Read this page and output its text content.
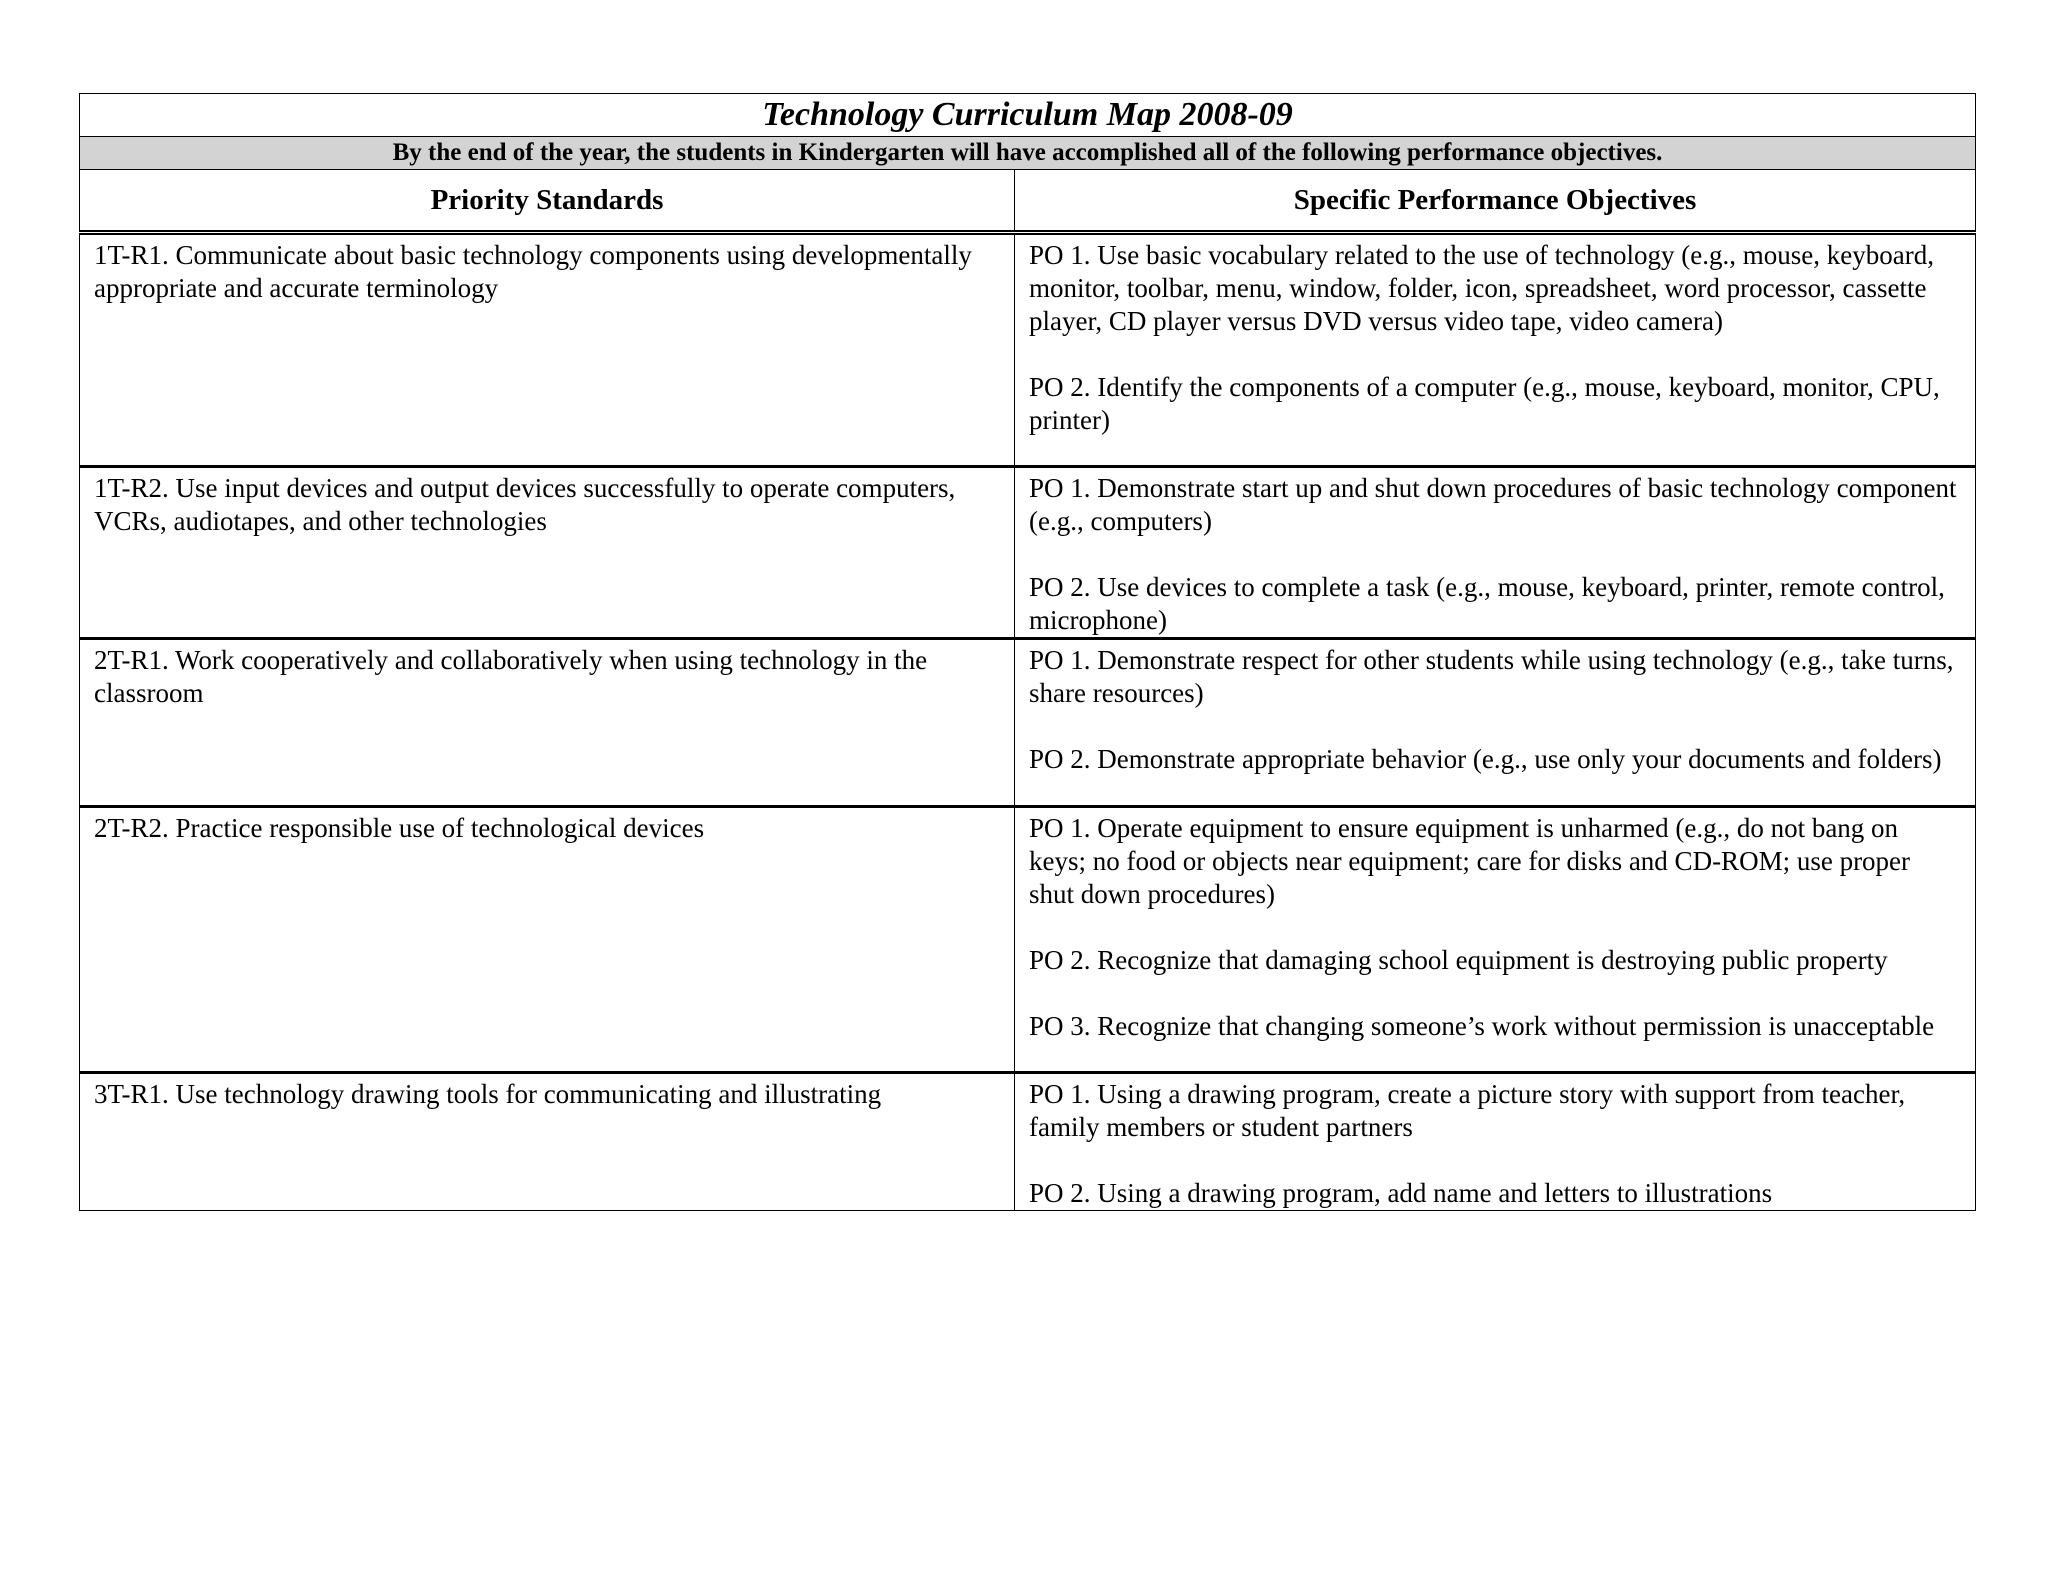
Technology Curriculum Map 2008-09	
By the end of the year, the students in Kindergarten will have accomplished all of the following performance objectives.	
Priority Standards	Specific Performance Objectives
1T-R1. Communicate about basic technology components using developmentally appropriate and accurate terminology	PO 1. Use basic vocabulary related to the use of technology (e.g., mouse, keyboard, monitor, toolbar, menu, window, folder, icon, spreadsheet, word processor, cassette player, CD player versus DVD versus video tape, video camera)

PO 2. Identify the components of a computer (e.g., mouse, keyboard, monitor, CPU, printer)

1T-R2. Use input devices and output devices successfully to operate computers, VCRs, audiotapes, and other technologies	PO 1. Demonstrate start up and shut down procedures of basic technology component (e.g., computers)

PO 2. Use devices to complete a task (e.g., mouse, keyboard, printer, remote control, microphone)

2T-R1. Work cooperatively and collaboratively when using technology in the classroom	PO 1. Demonstrate respect for other students while using technology (e.g., take turns, share resources)

PO 2. Demonstrate appropriate behavior (e.g., use only your documents and folders)

2T-R2. Practice responsible use of technological devices	PO 1. Operate equipment to ensure equipment is unharmed (e.g., do not bang on keys; no food or objects near equipment; care for disks and CD-ROM; use proper shut down procedures)

PO 2. Recognize that damaging school equipment is destroying public property

PO 3. Recognize that changing someone’s work without permission is unacceptable

3T-R1. Use technology drawing tools for communicating and illustrating	PO 1. Using a drawing program, create a picture story with support from teacher, family members or student partners

PO 2. Using a drawing program, add name and letters to illustrations
